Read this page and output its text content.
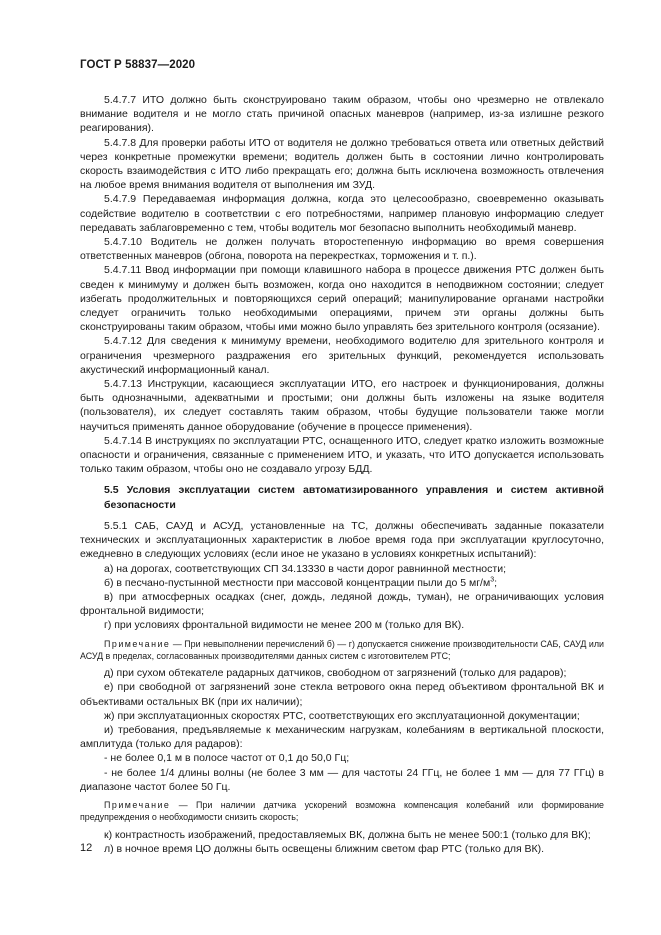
ГОСТ Р 58837—2020

5.4.7.7 ИТО должно быть сконструировано таким образом, чтобы оно чрезмерно не отвлекало внимание водителя и не могло стать причиной опасных маневров (например, из-за излишне резкого реагирования).

5.4.7.8 Для проверки работы ИТО от водителя не должно требоваться ответа или ответных действий через конкретные промежутки времени; водитель должен быть в состоянии лично контролировать скорость взаимодействия с ИТО либо прекращать его; должна быть исключена возможность отвлечения на любое время внимания водителя от выполнения им ЗУД.

5.4.7.9 Передаваемая информация должна, когда это целесообразно, своевременно оказывать содействие водителю в соответствии с его потребностями, например плановую информацию следует передавать заблаговременно с тем, чтобы водитель мог безопасно выполнить необходимый маневр.

5.4.7.10 Водитель не должен получать второстепенную информацию во время совершения ответственных маневров (обгона, поворота на перекрестках, торможения и т. п.).

5.4.7.11 Ввод информации при помощи клавишного набора в процессе движения РТС должен быть сведен к минимуму и должен быть возможен, когда оно находится в неподвижном состоянии; следует избегать продолжительных и повторяющихся серий операций; манипулирование органами настройки следует ограничить только необходимыми операциями, причем эти органы должны быть сконструированы таким образом, чтобы ими можно было управлять без зрительного контроля (осязание).

5.4.7.12 Для сведения к минимуму времени, необходимого водителю для зрительного контроля и ограничения чрезмерного раздражения его зрительных функций, рекомендуется использовать акустический информационный канал.

5.4.7.13 Инструкции, касающиеся эксплуатации ИТО, его настроек и функционирования, должны быть однозначными, адекватными и простыми; они должны быть изложены на языке водителя (пользователя), их следует составлять таким образом, чтобы будущие пользователи также могли научиться применять данное оборудование (обучение в процессе применения).

5.4.7.14 В инструкциях по эксплуатации РТС, оснащенного ИТО, следует кратко изложить возможные опасности и ограничения, связанные с применением ИТО, и указать, что ИТО допускается использовать только таким образом, чтобы оно не создавало угрозу БДД.

5.5 Условия эксплуатации систем автоматизированного управления и систем активной безопасности

5.5.1 САБ, САУД и АСУД, установленные на ТС, должны обеспечивать заданные показатели технических и эксплуатационных характеристик в любое время года при эксплуатации круглосуточно, ежедневно в следующих условиях (если иное не указано в условиях конкретных испытаний):

а) на дорогах, соответствующих СП 34.13330 в части дорог равнинной местности;

б) в песчано-пустынной местности при массовой концентрации пыли до 5 $мг/м^3$;

в) при атмосферных осадках (снег, дождь, ледяной дождь, туман), не ограничивающих условия фронтальной видимости;

г) при условиях фронтальной видимости не менее 200 м (только для ВК).

Примечание — При невыполнении перечислений б) — г) допускается снижение производительности САБ, САУД или АСУД в пределах, согласованных производителями данных систем с изготовителем РТС;

д) при сухом обтекателе радарных датчиков, свободном от загрязнений (только для радаров);

е) при свободной от загрязнений зоне стекла ветрового окна перед объективом фронтальной ВК и объективами остальных ВК (при их наличии);

ж) при эксплуатационных скоростях РТС, соответствующих его эксплуатационной документации;

и) требования, предъявляемые к механическим нагрузкам, колебаниям в вертикальной плоскости, амплитуда (только для радаров):

- не более 0,1 м в полосе частот от 0,1 до 50,0 Гц;

- не более 1/4 длины волны (не более 3 мм — для частоты 24 ГГц, не более 1 мм — для 77 ГГц) в диапазоне частот более 50 Гц.

Примечание — При наличии датчика ускорений возможна компенсация колебаний или формирование предупреждения о необходимости снизить скорость;

к) контрастность изображений, предоставляемых ВК, должна быть не менее 500:1 (только для ВК);

л) в ночное время ЦО должны быть освещены ближним светом фар РТС (только для ВК).

12
